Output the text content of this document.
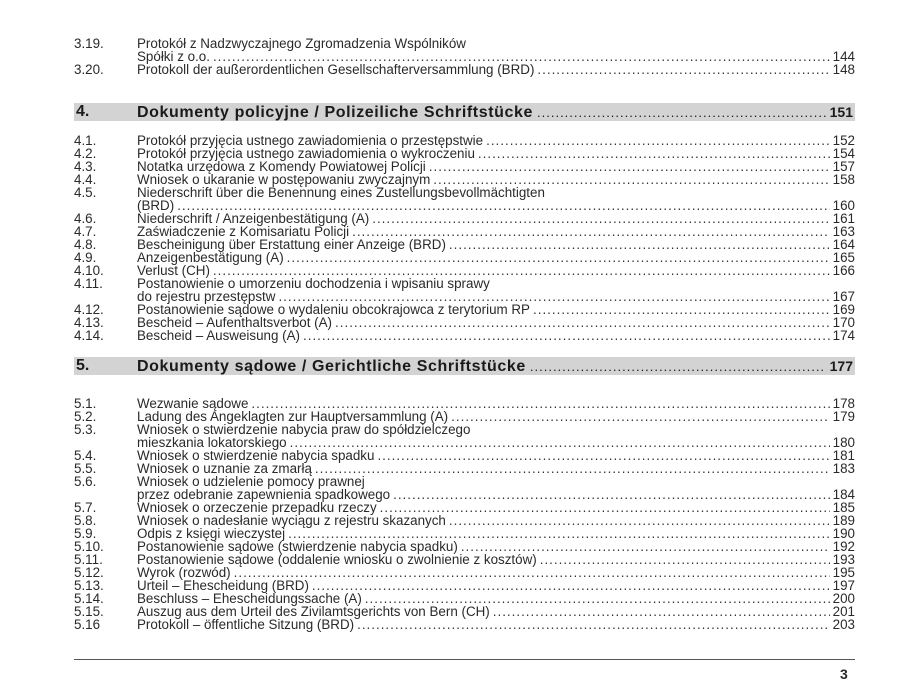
3.19. Protokół z Nadzwyczajnego Zgromadzenia Wspólników
Spółki z o.o. .....	144
3.20. Protokoll der außerordentlichen Gesellschafterversammlung (BRD) .....	148
4.	Dokumenty policyjne / Polizeiliche Schriftstücke .....	151
4.1.	Protokół przyjęcia ustnego zawiadomienia o przestępstwie .....	152
4.2.	Protokół przyjęcia ustnego zawiadomienia o wykroczeniu .....	154
4.3.	Notatka urzędowa z Komendy Powiatowej Policji .....	157
4.4.	Wniosek o ukaranie w postępowaniu zwyczajnym .....	158
4.5.	Niederschrift über die Benennung eines Zustellungsbevollmächtigten
(BRD) .....	160
4.6.	Niederschrift / Anzeigenbestätigung (A) .....	161
4.7.	Zaświadczenie z Komisariatu Policji .....	163
4.8.	Bescheinigung über Erstattung einer Anzeige (BRD) .....	164
4.9.	Anzeigenbestätigung (A) .....	165
4.10. Verlust (CH) .....	166
4.11.	Postanowienie o umorzeniu dochodzenia i wpisaniu sprawy
do rejestru przestępstw .....	167
4.12. Postanowienie sądowe o wydaleniu obcokrajowca z terytorium RP .....	169
4.13. Bescheid – Aufenthaltsverbot (A) .....	170
4.14. Bescheid – Ausweisung (A) .....	174
5.	Dokumenty sądowe / Gerichtliche Schriftstücke .....	177
5.1.	Wezwanie sądowe .....	178
5.2.	Ladung des Angeklagten zur Hauptversammlung (A) .....	179
5.3.	Wniosek o stwierdzenie nabycia praw do spółdzielczego
mieszkania lokatorskiego .....	180
5.4.	Wniosek o stwierdzenie nabycia spadku .....	181
5.5.	Wniosek o uznanie za zmarłą .....	183
5.6.	Wniosek o udzielenie pomocy prawnej
przez odebranie zapewnienia spadkowego .....	184
5.7.	Wniosek o orzeczenie przepadku rzeczy .....	185
5.8.	Wniosek o nadesłanie wyciągu z rejestru skazanych .....	189
5.9.	Odpis z księgi wieczystej .....	190
5.10. Postanowienie sądowe (stwierdzenie nabycia spadku) .....	192
5.11.	Postanowienie sądowe (oddalenie wniosku o zwolnienie z kosztów) .....	193
5.12. Wyrok (rozwód) .....	195
5.13. Urteil – Ehescheidung (BRD) .....	197
5.14. Beschluss – Ehescheidungssache (A) .....	200
5.15. Auszug aus dem Urteil des Zivilamtsgerichts von Bern (CH) .....	201
5.16	Protokoll – öffentliche Sitzung (BRD) .....	203
3
